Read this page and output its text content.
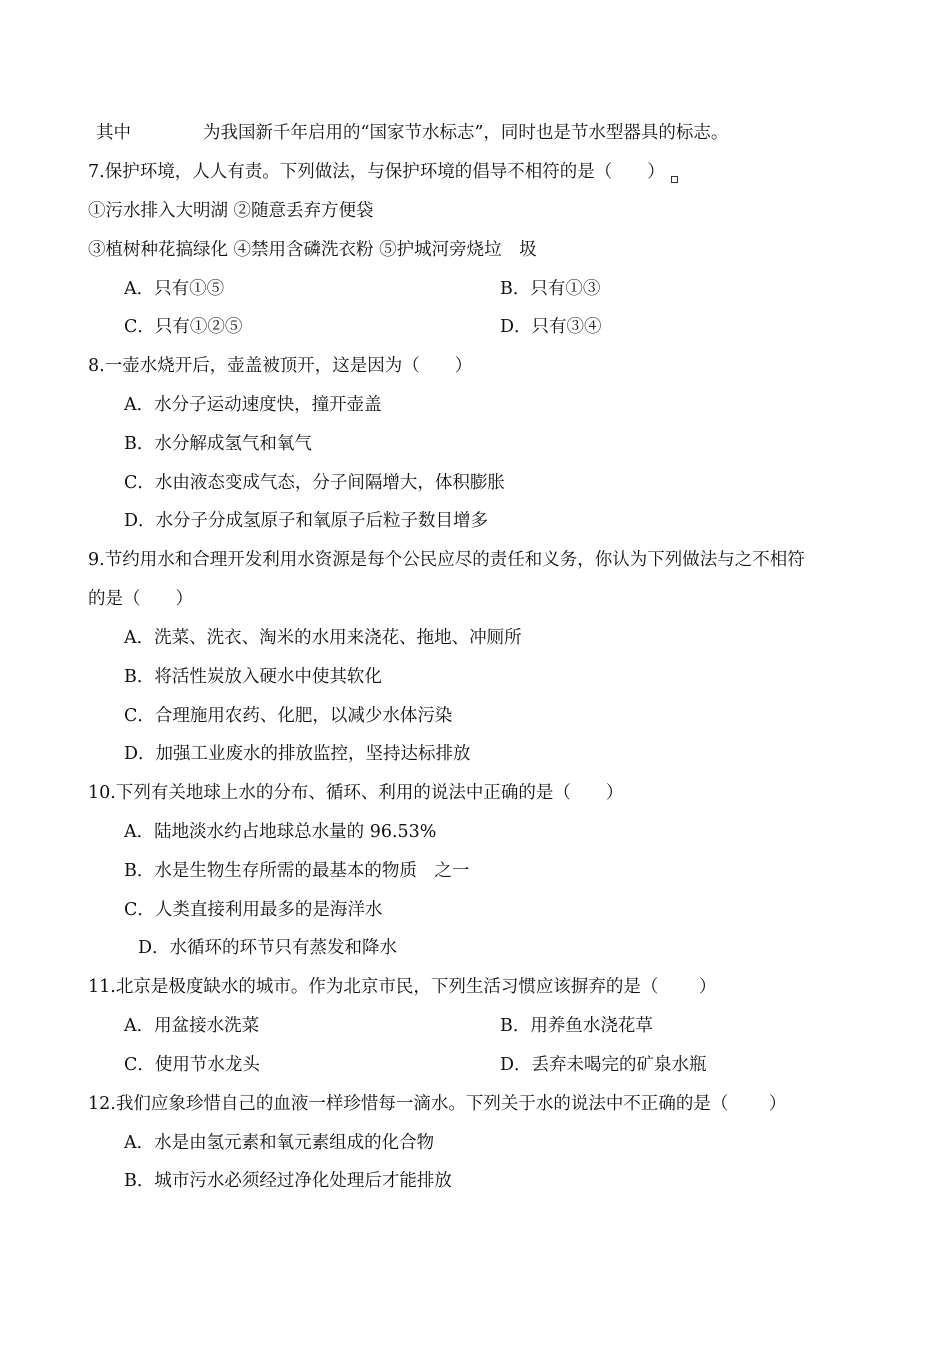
其中	为我国新千年启用的“国家节水标志”，同时也是节水型器具的标志。
7.保护环境，人人有责。下列做法，与保护环境的倡导不相符的是（　　）
①污水排入大明湖 ②随意丢弃方便袋
③植树种花搞绿化 ④禁用含磷洗衣粉 ⑤护城河旁烧垃　圾
A．只有①⑤	B．只有①③
C．只有①②⑤	D．只有③④
8.一壶水烧开后，壶盖被顶开，这是因为（　　）
A．水分子运动速度快，撞开壶盖
B．水分解成氢气和氧气
C．水由液态变成气态，分子间隔增大，体积膨胀
D．水分子分成氢原子和氧原子后粒子数目增多
9.节约用水和合理开发利用水资源是每个公民应尽的责任和义务，你认为下列做法与之不相符
的是（　　）
A．洗菜、洗衣、淘米的水用来浇花、拖地、冲厕所
B．将活性炭放入硬水中使其软化
C．合理施用农药、化肥，以减少水体污染
D．加强工业废水的排放监控，坚持达标排放
10.下列有关地球上水的分布、循环、利用的说法中正确的是（　　）
A．陆地淡水约占地球总水量的 96.53%
B．水是生物生存所需的最基本的物质　之一
C．人类直接利用最多的是海洋水
D．水循环的环节只有蒸发和降水
11.北京是极度缺水的城市。作为北京市民，下列生活习惯应该摒弃的是（　　 ）
A．用盆接水洗菜	B．用养鱼水浇花草
C．使用节水龙头	D．丢弃未喝完的矿泉水瓶
12.我们应象珍惜自己的血液一样珍惜每一滴水。下列关于水的说法中不正确的是（　　 ）
A．水是由氢元素和氧元素组成的化合物
B．城市污水必须经过净化处理后才能排放
